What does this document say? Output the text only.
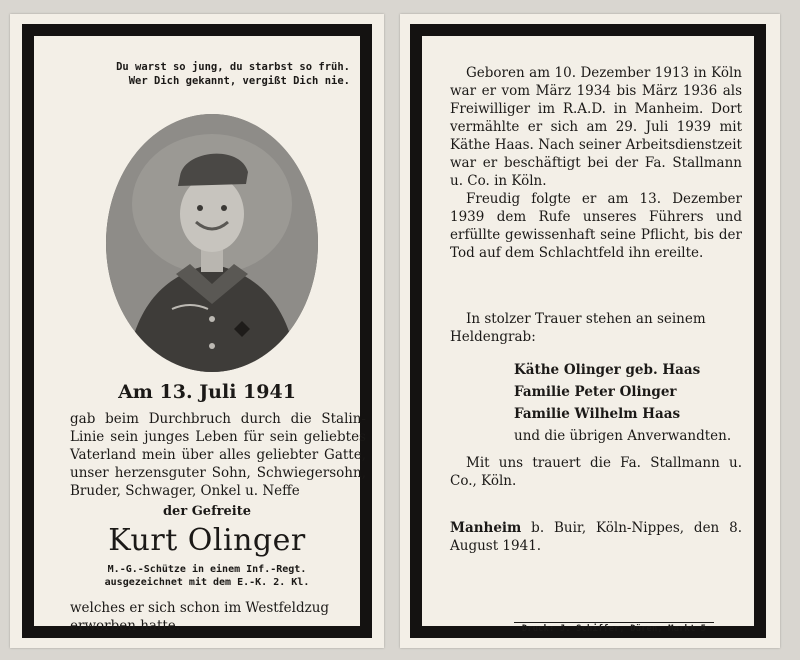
Du warst so jung, du starbst so früh.
Wer Dich gekannt, vergißt Dich nie.
Am 13. Juli 1941
gab beim Durchbruch durch die Stalin-Linie sein junges Leben für sein geliebtes Vaterland mein über alles geliebter Gatte, unser herzensguter Sohn, Schwiegersohn, Bruder, Schwager, Onkel u. Neffe
der Gefreite
Kurt Olinger
M.-G.-Schütze in einem Inf.-Regt.
ausgezeichnet mit dem E.-K. 2. Kl.
welches er sich schon im Westfeldzug erworben hatte.

Geboren am 10. Dezember 1913 in Köln war er vom März 1934 bis März 1936 als Freiwilliger im R.A.D. in Manheim. Dort vermählte er sich am 29. Juli 1939 mit Käthe Haas. Nach seiner Arbeitsdienstzeit war er beschäftigt bei der Fa. Stallmann u. Co. in Köln.

Freudig folgte er am 13. Dezember 1939 dem Rufe unseres Führers und erfüllte gewissenhaft seine Pflicht, bis der Tod auf dem Schlachtfeld ihn ereilte.

In stolzer Trauer stehen an seinem Heldengrab:
Käthe Olinger geb. Haas
Familie Peter Olinger
Familie Wilhelm Haas
und die übrigen Anverwandten.
Mit uns trauert die Fa. Stallmann u. Co., Köln.
Manheim b. Buir, Köln-Nippes, den 8. August 1941.
Druck: J. Schiffer, Düren, Markt 5
